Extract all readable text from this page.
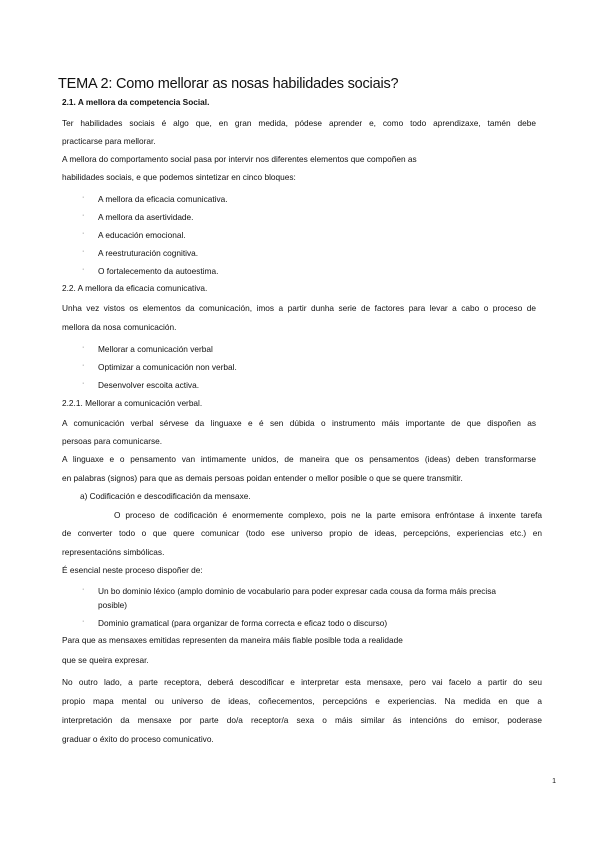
TEMA 2: Como mellorar as nosas habilidades sociais?
2.1. A mellora da competencia Social.
Ter habilidades sociais é algo que, en gran medida, pódese aprender e, como todo aprendizaxe, tamén debe
practicarse para mellorar.
A mellora do comportamento social pasa por intervir nos diferentes elementos que compoñen as
habilidades sociais, e que podemos sintetizar en cinco bloques:
· A mellora da eficacia comunicativa.
· A mellora da asertividade.
· A educación emocional.
· A reestruturación cognitiva.
· O fortalecemento da autoestima.
2.2. A mellora da eficacia comunicativa.
Unha vez vistos os elementos da comunicación, imos a partir dunha serie de factores para levar a cabo o proceso de
mellora da nosa comunicación.
· Mellorar a comunicación verbal
· Optimizar a comunicación non verbal.
· Desenvolver escoita activa.
2.2.1. Mellorar a comunicación verbal.
A comunicación verbal sérvese da linguaxe e é sen dúbida o instrumento máis importante de que dispoñen as
persoas para comunicarse.
A linguaxe e o pensamento van intimamente unidos, de maneira que os pensamentos (ideas) deben transformarse
en palabras (signos) para que as demais persoas poidan entender o mellor posible o que se quere transmitir.
a) Codificación e descodificación da mensaxe.
O proceso de codificación é enormemente complexo, pois ne la parte emisora enfróntase á inxente tarefa
de converter todo o que quere comunicar (todo ese universo propio de ideas, percepcións, experiencias etc.) en
representacións simbólicas.
É esencial neste proceso dispoñer de:
· Un bo dominio léxico (amplo dominio de vocabulario para poder expresar cada cousa da forma máis precisa
posible)
· Dominio gramatical (para organizar de forma correcta e eficaz todo o discurso)
Para que as mensaxes emitidas representen da maneira máis fiable posible toda a realidade
que se queira expresar.
No outro lado, a parte receptora, deberá descodificar e interpretar esta mensaxe, pero vai facelo a partir do seu
propio mapa mental ou universo de ideas, coñecementos, percepcións e experiencias. Na medida en que a
interpretación da mensaxe por parte do/a receptor/a sexa o máis similar ás intencións do emisor, poderase
graduar o éxito do proceso comunicativo.
1
